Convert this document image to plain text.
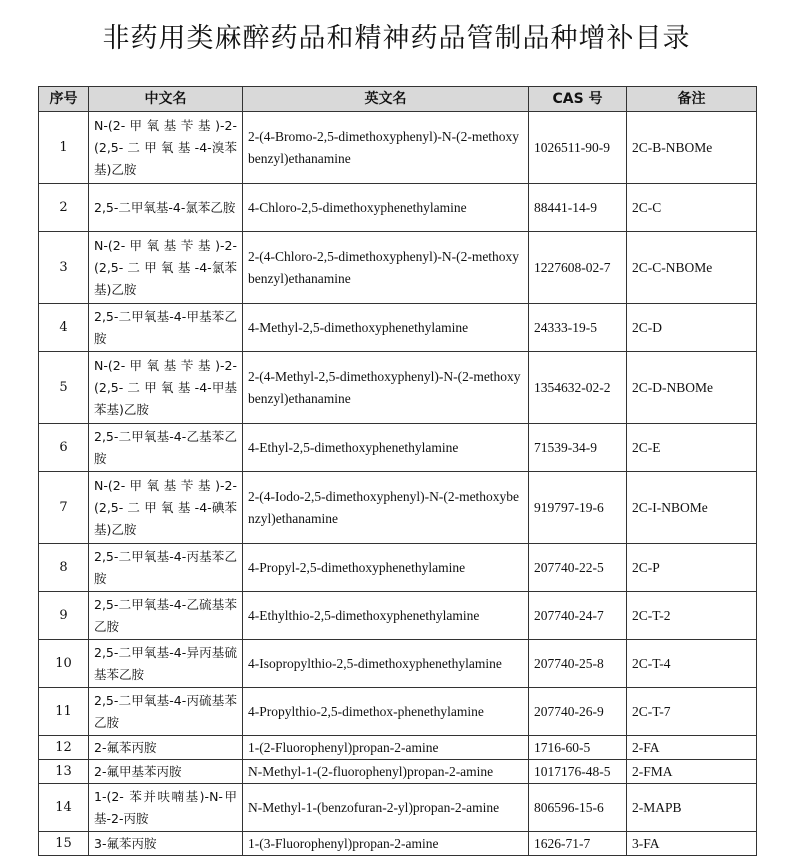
非药用类麻醉药品和精神药品管制品种增补目录
序号	中文名	英文名	CAS 号	备注
1	N-(2- 甲 氧 基 苄 基 )-2-(2,5- 二 甲 氧 基 -4-溴苯基)乙胺	2-(4-Bromo-2,5-dimethoxyphenyl)-N-(2-methoxybenzyl)ethanamine	1026511-90-9	2C-B-NBOMe
2	2,5-二甲氧基-4-氯苯乙胺	4-Chloro-2,5-dimethoxyphenethylamine	88441-14-9	2C-C
3	N-(2- 甲 氧 基 苄 基 )-2-(2,5- 二 甲 氧 基 -4-氯苯基)乙胺	2-(4-Chloro-2,5-dimethoxyphenyl)-N-(2-methoxybenzyl)ethanamine	1227608-02-7	2C-C-NBOMe
4	2,5-二甲氧基-4-甲基苯乙胺	4-Methyl-2,5-dimethoxyphenethylamine	24333-19-5	2C-D
5	N-(2- 甲 氧 基 苄 基 )-2-(2,5- 二 甲 氧 基 -4-甲基苯基)乙胺	2-(4-Methyl-2,5-dimethoxyphenyl)-N-(2-methoxybenzyl)ethanamine	1354632-02-2	2C-D-NBOMe
6	2,5-二甲氧基-4-乙基苯乙胺	4-Ethyl-2,5-dimethoxyphenethylamine	71539-34-9	2C-E
7	N-(2- 甲 氧 基 苄 基 )-2-(2,5- 二 甲 氧 基 -4-碘苯基)乙胺	2-(4-Iodo-2,5-dimethoxyphenyl)-N-(2-methoxybenzyl)ethanamine	919797-19-6	2C-I-NBOMe
8	2,5-二甲氧基-4-丙基苯乙胺	4-Propyl-2,5-dimethoxyphenethylamine	207740-22-5	2C-P
9	2,5-二甲氧基-4-乙硫基苯乙胺	4-Ethylthio-2,5-dimethoxyphenethylamine	207740-24-7	2C-T-2
10	2,5-二甲氧基-4-异丙基硫基苯乙胺	4-Isopropylthio-2,5-dimethoxyphenethylamine	207740-25-8	2C-T-4
11	2,5-二甲氧基-4-丙硫基苯乙胺	4-Propylthio-2,5-dimethox-phenethylamine	207740-26-9	2C-T-7
12	2-氟苯丙胺	1-(2-Fluorophenyl)propan-2-amine	1716-60-5	2-FA
13	2-氟甲基苯丙胺	N-Methyl-1-(2-fluorophenyl)propan-2-amine	1017176-48-5	2-FMA
14	1-(2- 苯并呋喃基)-N-甲基-2-丙胺	N-Methyl-1-(benzofuran-2-yl)propan-2-amine	806596-15-6	2-MAPB
15	3-氟苯丙胺	1-(3-Fluorophenyl)propan-2-amine	1626-71-7	3-FA
